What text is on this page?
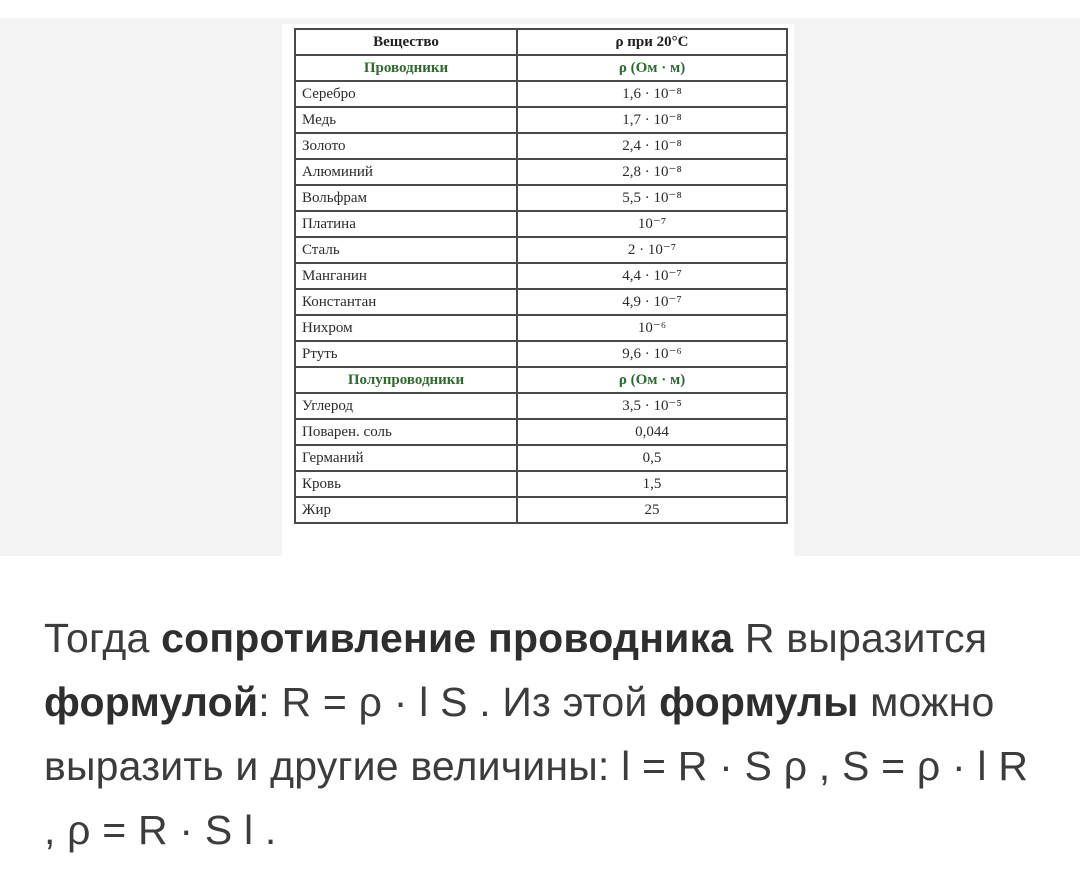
Вещество	ρ при 20°C
Проводники	ρ (Ом · м)
Серебро	1,6 · 10⁻⁸
Медь	1,7 · 10⁻⁸
Золото	2,4 · 10⁻⁸
Алюминий	2,8 · 10⁻⁸
Вольфрам	5,5 · 10⁻⁸
Платина	10⁻⁷
Сталь	2 · 10⁻⁷
Манганин	4,4 · 10⁻⁷
Константан	4,9 · 10⁻⁷
Нихром	10⁻⁶
Ртуть	9,6 · 10⁻⁶
Полупроводники	ρ (Ом · м)
Углерод	3,5 · 10⁻⁵
Поварен. соль	0,044
Германий	0,5
Кровь	1,5
Жир	25
Тогда сопротивление проводника R выразится формулой: R = ρ · l S . Из этой формулы можно выразить и другие величины: l = R · S ρ , S = ρ · l R , ρ = R · S l .
